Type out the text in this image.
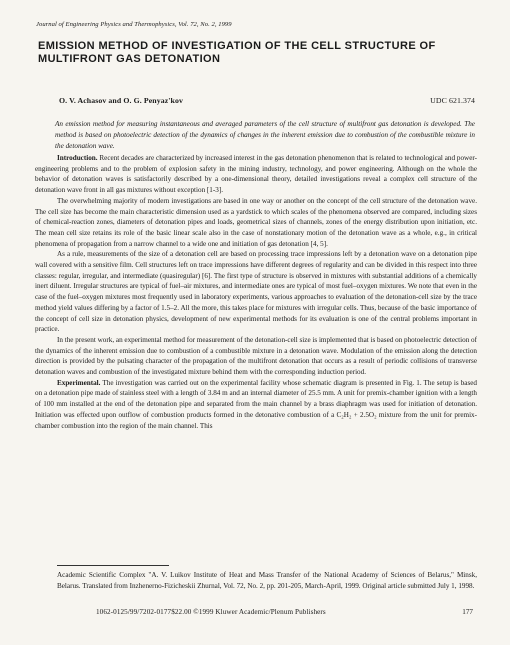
Journal of Engineering Physics and Thermophysics, Vol. 72, No. 2, 1999
EMISSION METHOD OF INVESTIGATION OF THE CELL STRUCTURE OF MULTIFRONT GAS DETONATION
O. V. Achasov and O. G. Penyaz'kov	UDC 621.374
An emission method for measuring instantaneous and averaged parameters of the cell structure of multifront gas detonation is developed. The method is based on photoelectric detection of the dynamics of changes in the inherent emission due to combustion of the combustible mixture in the detonation wave.

Introduction. Recent decades are characterized by increased interest in the gas detonation phenomenon that is related to technological and power-engineering problems and to the problem of explosion safety in the mining industry, technology, and power engineering. Although on the whole the behavior of detonation waves is satisfactorily described by a one-dimensional theory, detailed investigations reveal a complex cell structure of the detonation wave front in all gas mixtures without exception [1-3].

The overwhelming majority of modern investigations are based in one way or another on the concept of the cell structure of the detonation wave. The cell size has become the main characteristic dimension used as a yardstick to which scales of the phenomena observed are compared, including sizes of chemical-reaction zones, diameters of detonation pipes and loads, geometrical sizes of channels, zones of the energy distribution upon initiation, etc. The mean cell size retains its role of the basic linear scale also in the case of nonstationary motion of the detonation wave as a whole, e.g., in critical phenomena of propagation from a narrow channel to a wide one and initiation of gas detonation [4, 5].

As a rule, measurements of the size of a detonation cell are based on processing trace impressions left by a detonation wave on a detonation pipe wall covered with a sensitive film. Cell structures left on trace impressions have different degrees of regularity and can be divided in this respect into three classes: regular, irregular, and intermediate (quasiregular) [6]. The first type of structure is observed in mixtures with substantial additions of a chemically inert diluent. Irregular structures are typical of fuel–air mixtures, and intermediate ones are typical of most fuel–oxygen mixtures. We note that even in the case of the fuel–oxygen mixtures most frequently used in laboratory experiments, various approaches to evaluation of the detonation-cell size by the trace method yield values differing by a factor of 1.5–2. All the more, this takes place for mixtures with irregular cells. Thus, because of the basic importance of the concept of cell size in detonation physics, development of new experimental methods for its evaluation is one of the central problems important in practice.

In the present work, an experimental method for measurement of the detonation-cell size is implemented that is based on photoelectric detection of the dynamics of the inherent emission due to combustion of a combustible mixture in a detonation wave. Modulation of the emission along the detection direction is provided by the pulsating character of the propagation of the multifront detonation that occurs as a result of periodic collisions of transverse detonation waves and combustion of the investigated mixture behind them with the corresponding induction period.

Experimental. The investigation was carried out on the experimental facility whose schematic diagram is presented in Fig. 1. The setup is based on a detonation pipe made of stainless steel with a length of 3.84 m and an internal diameter of 25.5 mm. A unit for premix-chamber ignition with a length of 100 mm installed at the end of the detonation pipe and separated from the main channel by a brass diaphragm was used for initiation of detonation. Initiation was effected upon outflow of combustion products formed in the detonative combustion of a C₂H₂ + 2.5O₂ mixture from the unit for premix-chamber combustion into the region of the main channel. This

Academic Scientific Complex "A. V. Luikov Institute of Heat and Mass Transfer of the National Academy of Sciences of Belarus," Minsk, Belarus. Translated from Inzhenerno-Fizicheskii Zhurnal, Vol. 72, No. 2, pp. 201-205, March-April, 1999. Original article submitted July 1, 1998.
1062-0125/99/7202-0177$22.00 ©1999 Kluwer Academic/Plenum Publishers	177
